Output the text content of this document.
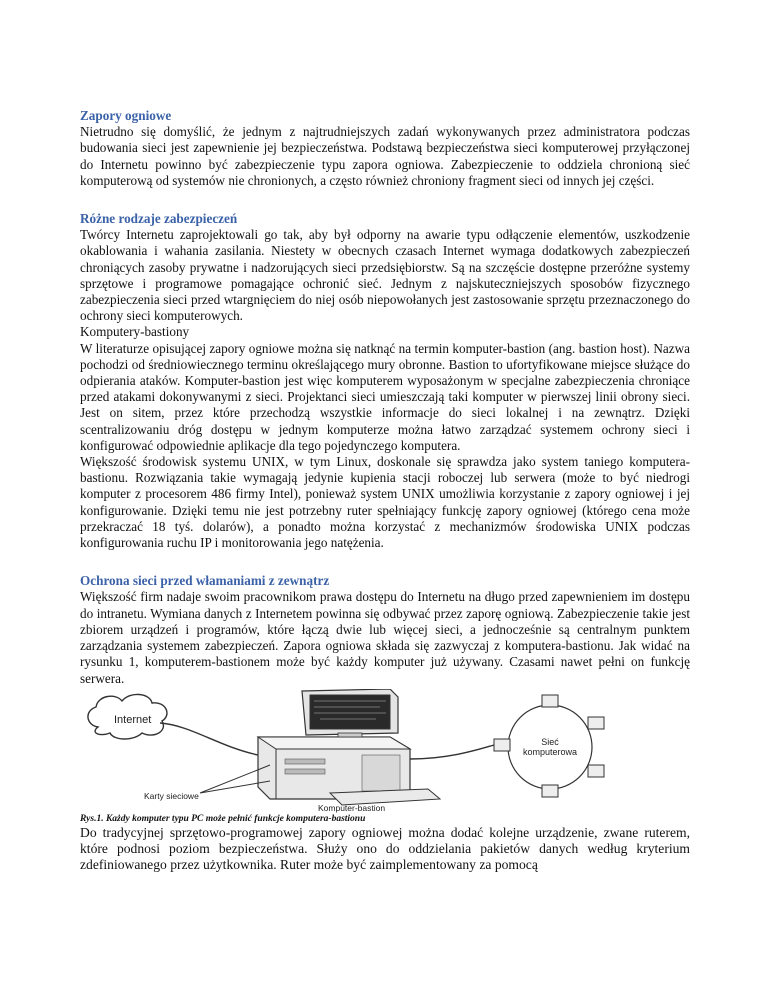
Zapory ogniowe

Nietrudno się domyślić, że jednym z najtrudniejszych zadań wykonywanych przez administratora podczas budowania sieci jest zapewnienie jej bezpieczeństwa. Podstawą bezpieczeństwa sieci komputerowej przyłączonej do Internetu powinno być zabezpieczenie typu zapora ogniowa. Zabezpieczenie to oddziela chronioną sieć komputerową od systemów nie chronionych, a często również chroniony fragment sieci od innych jej części.

Różne rodzaje zabezpieczeń

Twórcy Internetu zaprojektowali go tak, aby był odporny na awarie typu odłączenie elementów, uszkodzenie okablowania i wahania zasilania. Niestety w obecnych czasach Internet wymaga dodatkowych zabezpieczeń chroniących zasoby prywatne i nadzorujących sieci przedsiębiorstw. Są na szczęście dostępne przeróżne systemy sprzętowe i programowe pomagające ochronić sieć. Jednym z najskuteczniejszych sposobów fizycznego zabezpieczenia sieci przed wtargnięciem do niej osób niepowołanych jest zastosowanie sprzętu przeznaczonego do ochrony sieci komputerowych.

Komputery-bastiony

W literaturze opisującej zapory ogniowe można się natknąć na termin komputer-bastion (ang. bastion host). Nazwa pochodzi od średniowiecznego terminu określającego mury obronne. Bastion to ufortyfikowane miejsce służące do odpierania ataków. Komputer-bastion jest więc komputerem wyposażonym w specjalne zabezpieczenia chroniące przed atakami dokonywanymi z sieci. Projektanci sieci umieszczają taki komputer w pierwszej linii obrony sieci. Jest on sitem, przez które przechodzą wszystkie informacje do sieci lokalnej i na zewnątrz. Dzięki scentralizowaniu dróg dostępu w jednym komputerze można łatwo zarządzać systemem ochrony sieci i konfigurować odpowiednie aplikacje dla tego pojedynczego komputera.

Większość środowisk systemu UNIX, w tym Linux, doskonale się sprawdza jako system taniego komputera-bastionu. Rozwiązania takie wymagają jedynie kupienia stacji roboczej lub serwera (może to być niedrogi komputer z procesorem 486 firmy Intel), ponieważ system UNIX umożliwia korzystanie z zapory ogniowej i jej konfigurowanie. Dzięki temu nie jest potrzebny ruter spełniający funkcję zapory ogniowej (którego cena może przekraczać 18 tyś. dolarów), a ponadto można korzystać z mechanizmów środowiska UNIX podczas konfigurowania ruchu IP i monitorowania jego natężenia.

Ochrona sieci przed włamaniami z zewnątrz

Większość firm nadaje swoim pracownikom prawa dostępu do Internetu na długo przed zapewnieniem im dostępu do intranetu. Wymiana danych z Internetem powinna się odbywać przez zaporę ogniową. Zabezpieczenie takie jest zbiorem urządzeń i programów, które łączą dwie lub więcej sieci, a jednocześnie są centralnym punktem zarządzania systemem zabezpieczeń. Zapora ogniowa składa się zazwyczaj z komputera-bastionu. Jak widać na rysunku 1, komputerem-bastionem może być każdy komputer już używany. Czasami nawet pełni on funkcję serwera.

Internet
Karty sieciowe
Komputer-bastion
Sieć
komputerowa
Rys.1. Każdy komputer typu PC może pełnić funkcje komputera-bastionu

Do tradycyjnej sprzętowo-programowej zapory ogniowej można dodać kolejne urządzenie, zwane ruterem, które podnosi poziom bezpieczeństwa. Służy ono do oddzielania pakietów danych według kryterium zdefiniowanego przez użytkownika. Ruter może być zaimplementowany za pomocą
